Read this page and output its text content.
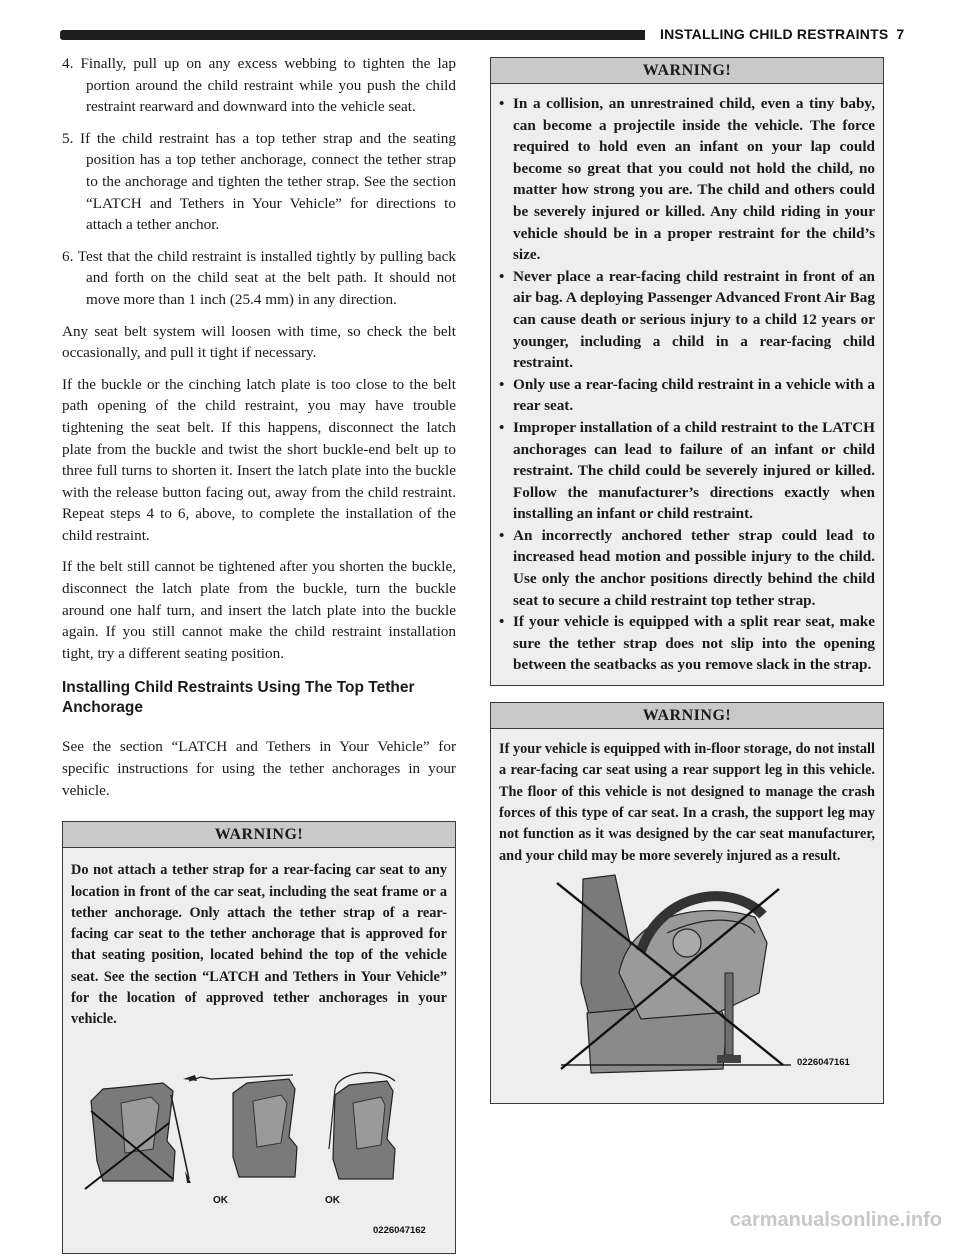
INSTALLING CHILD RESTRAINTS 7

4. Finally, pull up on any excess webbing to tighten the lap portion around the child restraint while you push the child restraint rearward and downward into the vehicle seat.

5. If the child restraint has a top tether strap and the seating position has a top tether anchorage, connect the tether strap to the anchorage and tighten the tether strap. See the section “LATCH and Tethers in Your Vehicle” for directions to attach a tether anchor.

6. Test that the child restraint is installed tightly by pulling back and forth on the child seat at the belt path. It should not move more than 1 inch (25.4 mm) in any direction.

Any seat belt system will loosen with time, so check the belt occasionally, and pull it tight if necessary.

If the buckle or the cinching latch plate is too close to the belt path opening of the child restraint, you may have trouble tightening the seat belt. If this happens, disconnect the latch plate from the buckle and twist the short buckle-end belt up to three full turns to shorten it. Insert the latch plate into the buckle with the release button facing out, away from the child restraint. Repeat steps 4 to 6, above, to complete the installation of the child restraint.

If the belt still cannot be tightened after you shorten the buckle, disconnect the latch plate from the buckle, turn the buckle around one half turn, and insert the latch plate into the buckle again. If you still cannot make the child restraint installation tight, try a different seating position.

Installing Child Restraints Using The Top Tether Anchorage

See the section “LATCH and Tethers in Your Vehicle” for specific instructions for using the tether anchorages in your vehicle.

WARNING!

Do not attach a tether strap for a rear-facing car seat to any location in front of the car seat, including the seat frame or a tether anchorage. Only attach the tether strap of a rear-facing car seat to the tether anchorage that is approved for that seating position, located behind the top of the vehicle seat. See the section “LATCH and Tethers in Your Vehicle” for the location of approved tether anchorages in your vehicle.

OK	OK
0226047162
WARNING!

• In a collision, an unrestrained child, even a tiny baby, can become a projectile inside the vehicle. The force required to hold even an infant on your lap could become so great that you could not hold the child, no matter how strong you are. The child and others could be severely injured or killed. Any child riding in your vehicle should be in a proper restraint for the child’s size.

• Never place a rear-facing child restraint in front of an air bag. A deploying Passenger Advanced Front Air Bag can cause death or serious injury to a child 12 years or younger, including a child in a rear-facing child restraint.

• Only use a rear-facing child restraint in a vehicle with a rear seat.

• Improper installation of a child restraint to the LATCH anchorages can lead to failure of an infant or child restraint. The child could be severely injured or killed. Follow the manufacturer’s directions exactly when installing an infant or child restraint.

• An incorrectly anchored tether strap could lead to increased head motion and possible injury to the child. Use only the anchor positions directly behind the child seat to secure a child restraint top tether strap.

• If your vehicle is equipped with a split rear seat, make sure the tether strap does not slip into the opening between the seatbacks as you remove slack in the strap.

WARNING!

If your vehicle is equipped with in-floor storage, do not install a rear-facing car seat using a rear support leg in this vehicle. The floor of this vehicle is not designed to manage the crash forces of this type of car seat. In a crash, the support leg may not function as it was designed by the car seat manufacturer, and your child may be more severely injured as a result.

0226047161
carmanualsonline.info
